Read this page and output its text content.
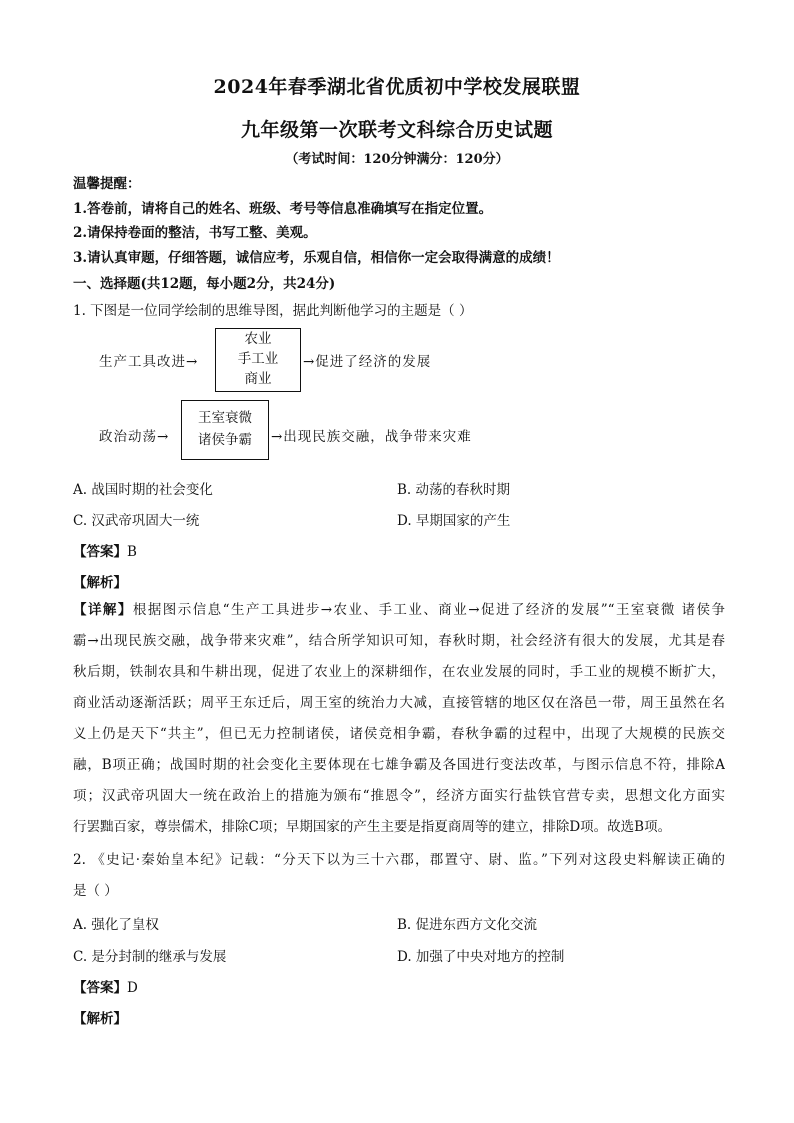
2024年春季湖北省优质初中学校发展联盟
九年级第一次联考文科综合历史试题
（考试时间：120分钟满分：120分）
温馨提醒：
1.答卷前，请将自己的姓名、班级、考号等信息准确填写在指定位置。
2.请保持卷面的整洁，书写工整、美观。
3.请认真审题，仔细答题，诚信应考，乐观自信，相信你一定会取得满意的成绩！
一、选择题(共12题，每小题2分，共24分)
1. 下图是一位同学绘制的思维导图，据此判断他学习的主题是（ ）
生产工具改进→
农业
手工业
商业
→促进了经济的发展
政治动荡→
王室衰微
诸侯争霸	→出现民族交融，战争带来灾难
A. 战国时期的社会变化	B. 动荡的春秋时期
C. 汉武帝巩固大一统	D. 早期国家的产生
【答案】B
【解析】
【详解】根据图示信息“生产工具进步→农业、手工业、商业→促进了经济的发展”“王室衰微 诸侯争
霸→出现民族交融，战争带来灾难”，结合所学知识可知，春秋时期，社会经济有很大的发展，尤其是春
秋后期，铁制农具和牛耕出现，促进了农业上的深耕细作，在农业发展的同时，手工业的规模不断扩大，
商业活动逐渐活跃；周平王东迁后，周王室的统治力大减，直接管辖的地区仅在洛邑一带，周王虽然在名
义上仍是天下“共主”，但已无力控制诸侯，诸侯竞相争霸，春秋争霸的过程中，出现了大规模的民族交
融，B项正确；战国时期的社会变化主要体现在七雄争霸及各国进行变法改革，与图示信息不符，排除A
项；汉武帝巩固大一统在政治上的措施为颁布“推恩令”，经济方面实行盐铁官营专卖，思想文化方面实
行罢黜百家，尊崇儒术，排除C项；早期国家的产生主要是指夏商周等的建立，排除D项。故选B项。
2. 《史记·秦始皇本纪》记载：“分天下以为三十六郡，郡置守、尉、监。”下列对这段史料解读正确的
是（ ）
A. 强化了皇权	B. 促进东西方文化交流
C. 是分封制的继承与发展	D. 加强了中央对地方的控制
【答案】D
【解析】
